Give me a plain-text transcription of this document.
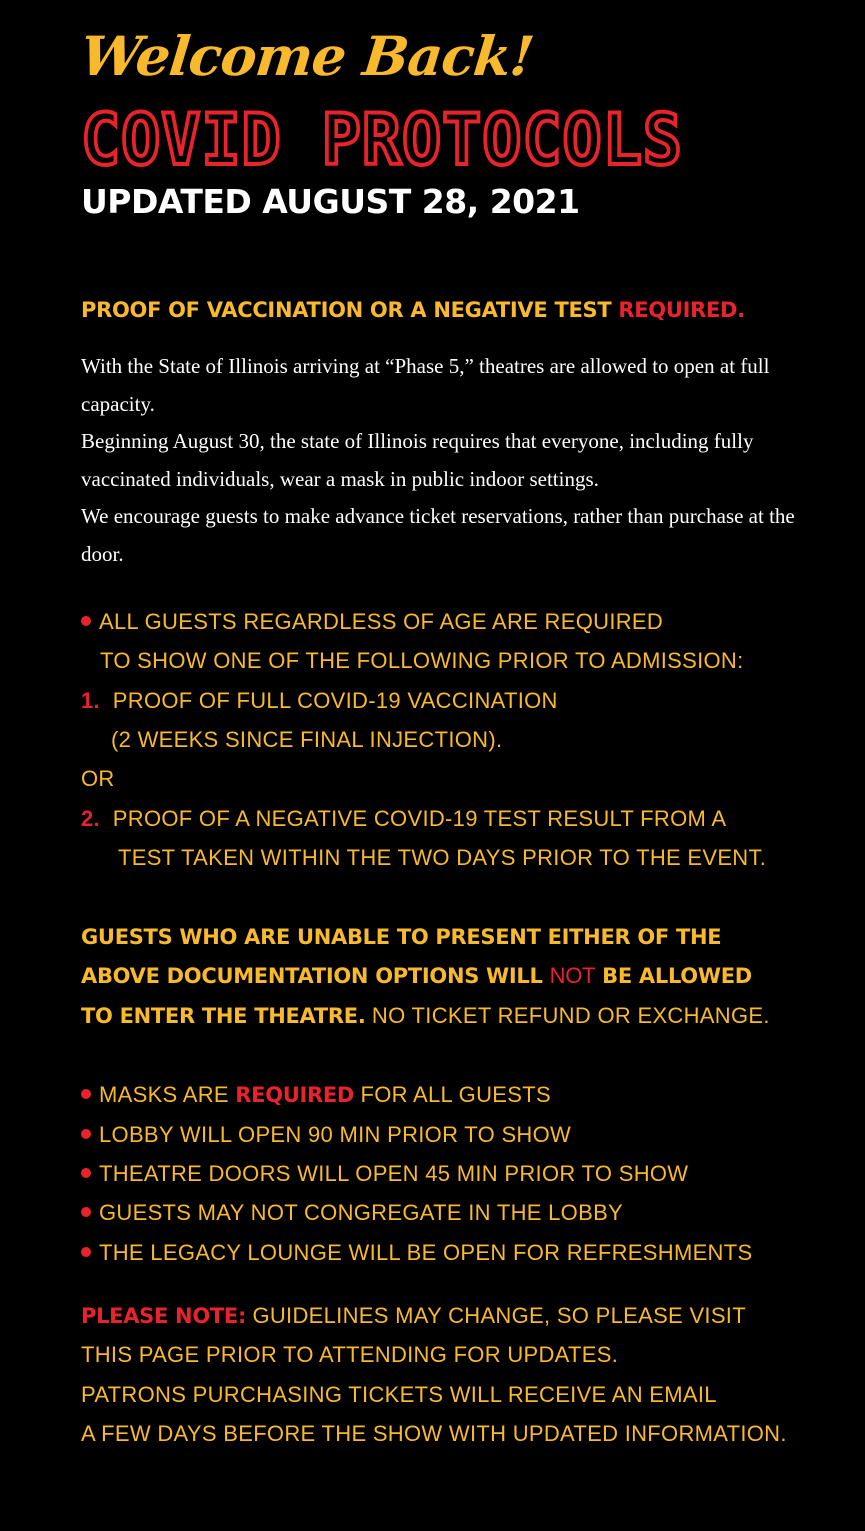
Welcome Back!
COVID PROTOCOLS
UPDATED AUGUST 28, 2021
PROOF OF VACCINATION OR A NEGATIVE TEST REQUIRED.

With the State of Illinois arriving at “Phase 5,” theatres are allowed to open at full capacity.

Beginning August 30, the state of Illinois requires that everyone, including fully vaccinated individuals, wear a mask in public indoor settings.

We encourage guests to make advance ticket reservations, rather than purchase at the door.

ALL GUESTS REGARDLESS OF AGE ARE REQUIRED
TO SHOW ONE OF THE FOLLOWING PRIOR TO ADMISSION:
1. PROOF OF FULL COVID-19 VACCINATION
(2 WEEKS SINCE FINAL INJECTION).
OR
2. PROOF OF A NEGATIVE COVID-19 TEST RESULT FROM A
TEST TAKEN WITHIN THE TWO DAYS PRIOR TO THE EVENT.
GUESTS WHO ARE UNABLE TO PRESENT EITHER OF THE
ABOVE DOCUMENTATION OPTIONS WILL NOT BE ALLOWED
TO ENTER THE THEATRE. NO TICKET REFUND OR EXCHANGE.
MASKS ARE REQUIRED FOR ALL GUESTS
LOBBY WILL OPEN 90 MIN PRIOR TO SHOW
THEATRE DOORS WILL OPEN 45 MIN PRIOR TO SHOW
GUESTS MAY NOT CONGREGATE IN THE LOBBY
THE LEGACY LOUNGE WILL BE OPEN FOR REFRESHMENTS
PLEASE NOTE: GUIDELINES MAY CHANGE, SO PLEASE VISIT
THIS PAGE PRIOR TO ATTENDING FOR UPDATES.
PATRONS PURCHASING TICKETS WILL RECEIVE AN EMAIL
A FEW DAYS BEFORE THE SHOW WITH UPDATED INFORMATION.
